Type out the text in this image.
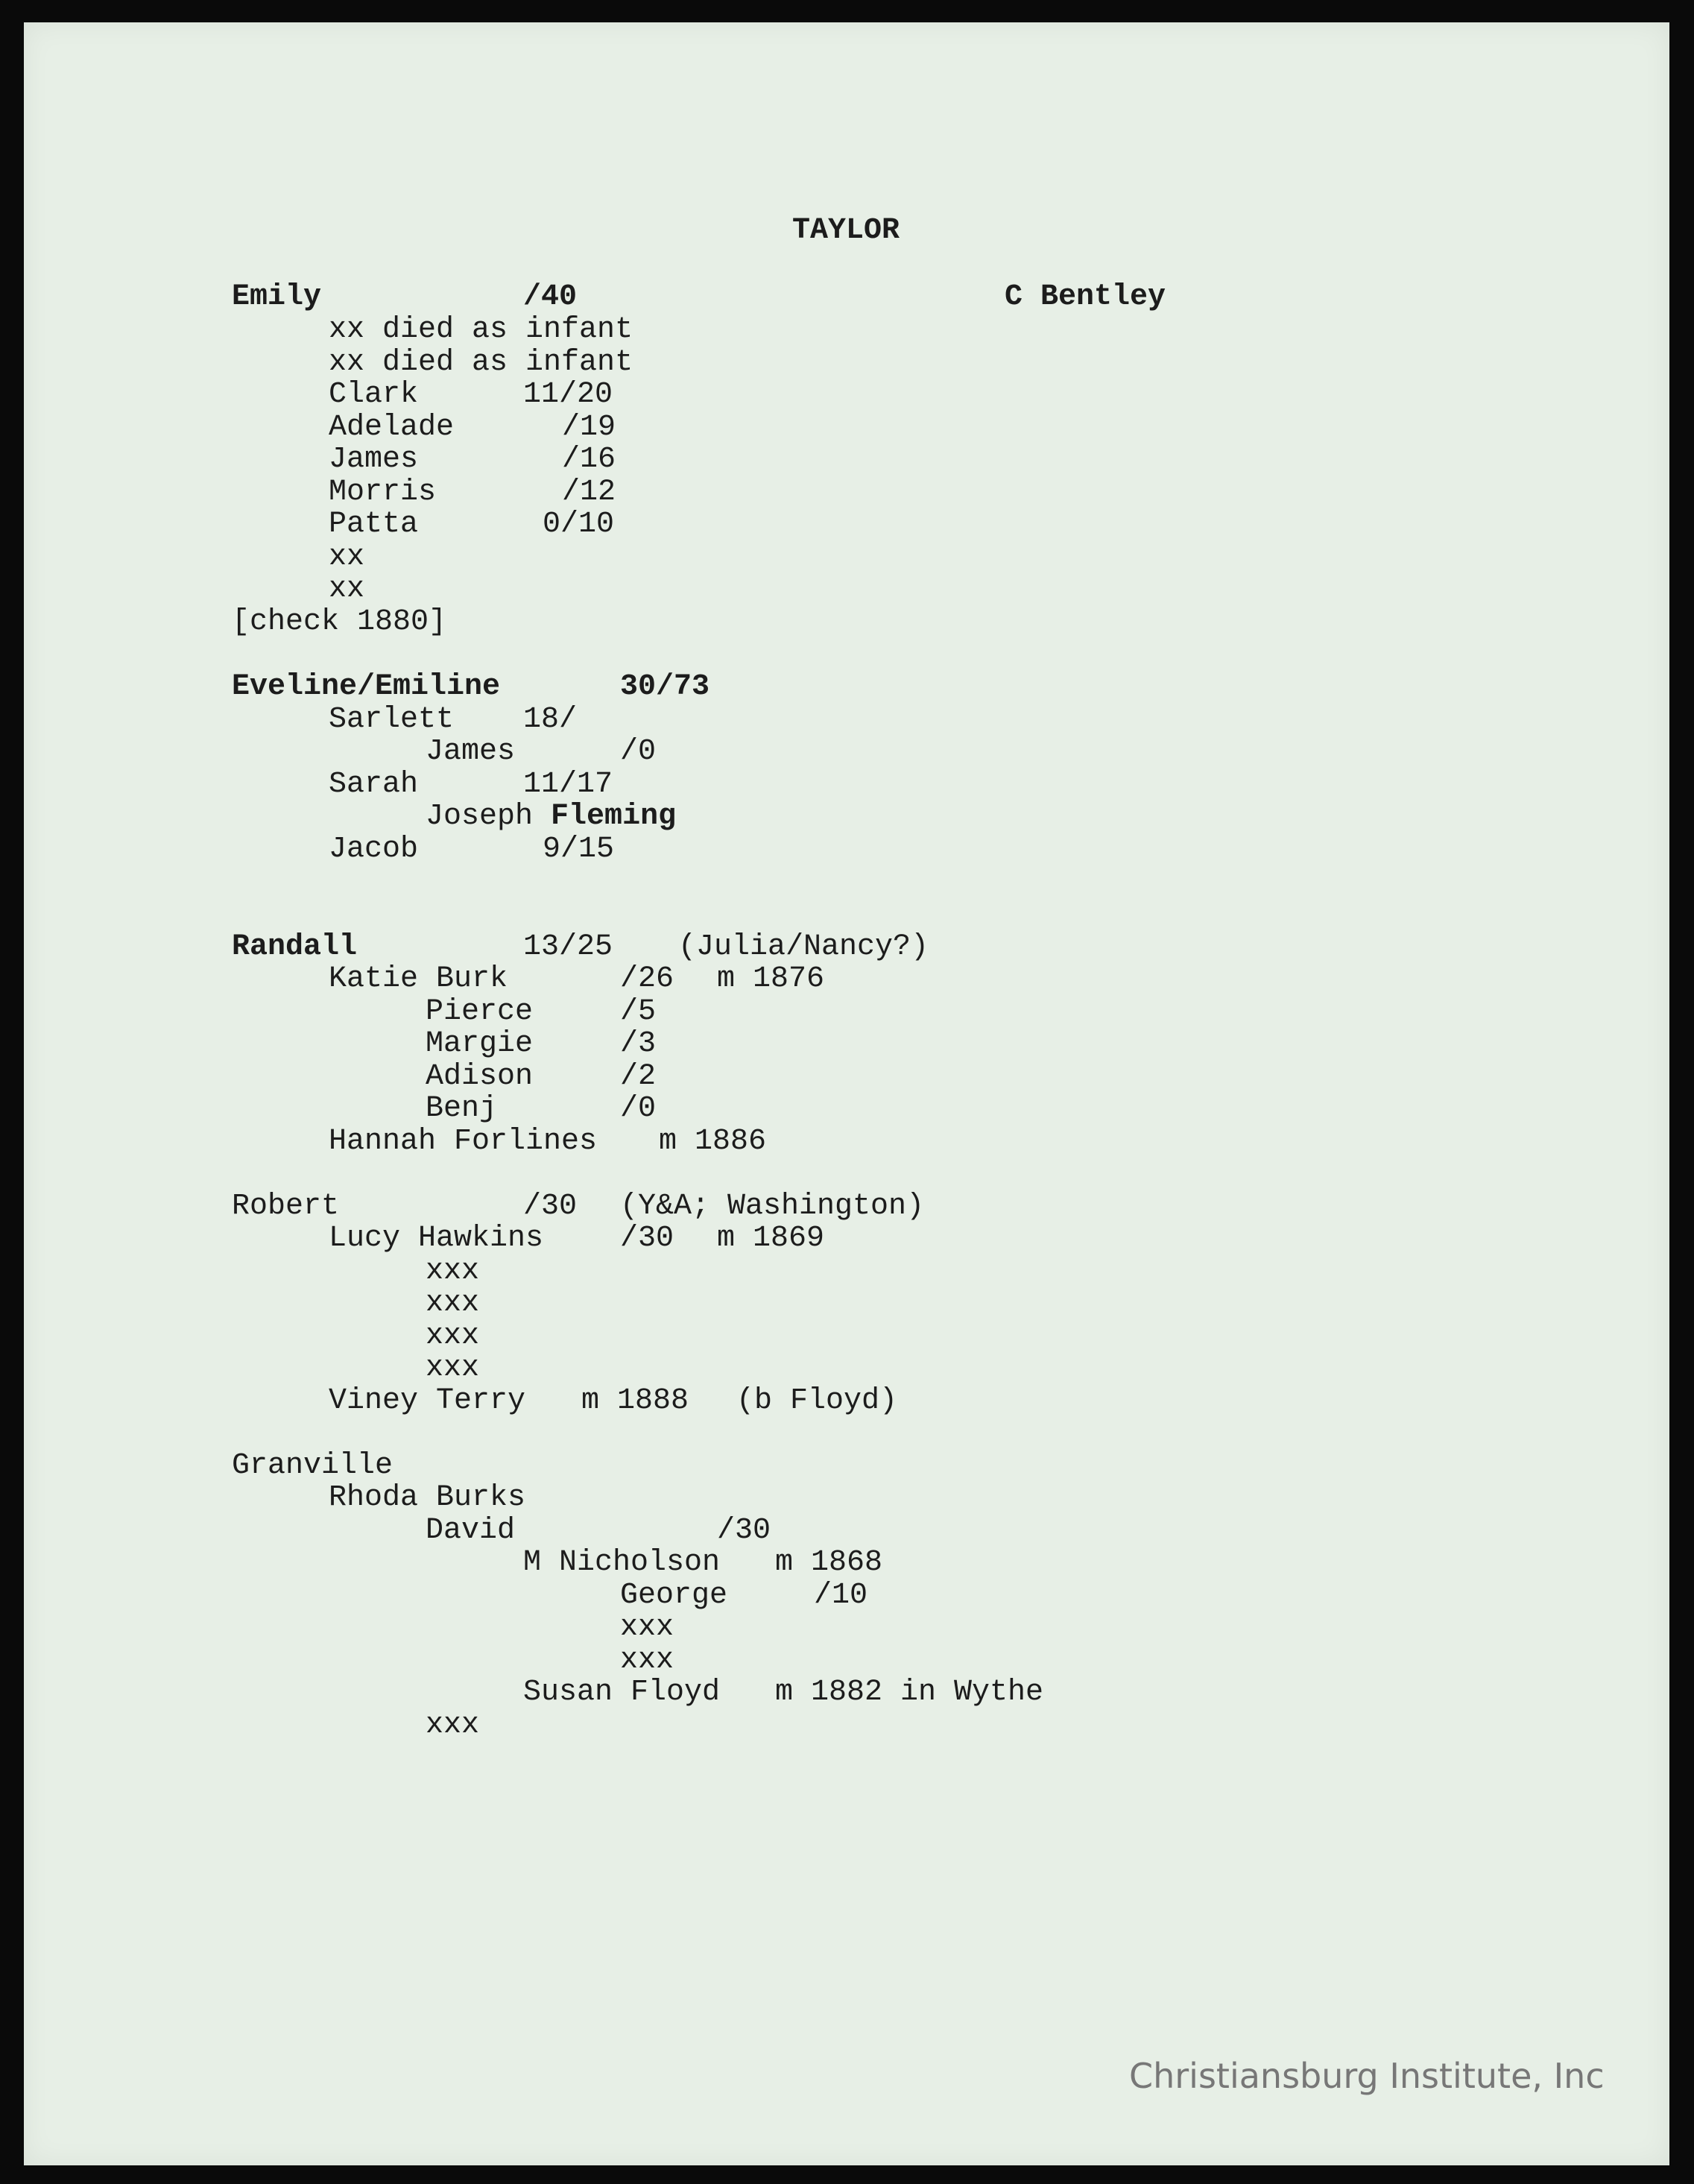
TAYLOR
Emily	/40	C Bentley
xx died as infant
xx died as infant
Clark	11/20
Adelade	/19
James	/16
Morris	/12
Patta	0/10
xx
xx
[check 1880]
Eveline/Emiline	30/73
Sarlett 18/
James	/0
Sarah	11/17
Joseph Fleming
Jacob	9/15
Randall	13/25 (Julia/Nancy?)
Katie Burk	/26 m 1876
Pierce	/5
Margie	/3
Adison	/2
Benj	/0
Hannah Forlines m 1886
Robert	/30 (Y&A; Washington)
Lucy Hawkins	/30 m 1869
xxx
xxx
xxx
xxx
Viney Terry m 1888 (b Floyd)
Granville
Rhoda Burks
David	/30
M Nicholson m 1868
George	/10
xxx
xxx
Susan Floyd m 1882 in Wythe
xxx
Christiansburg Institute, Inc
